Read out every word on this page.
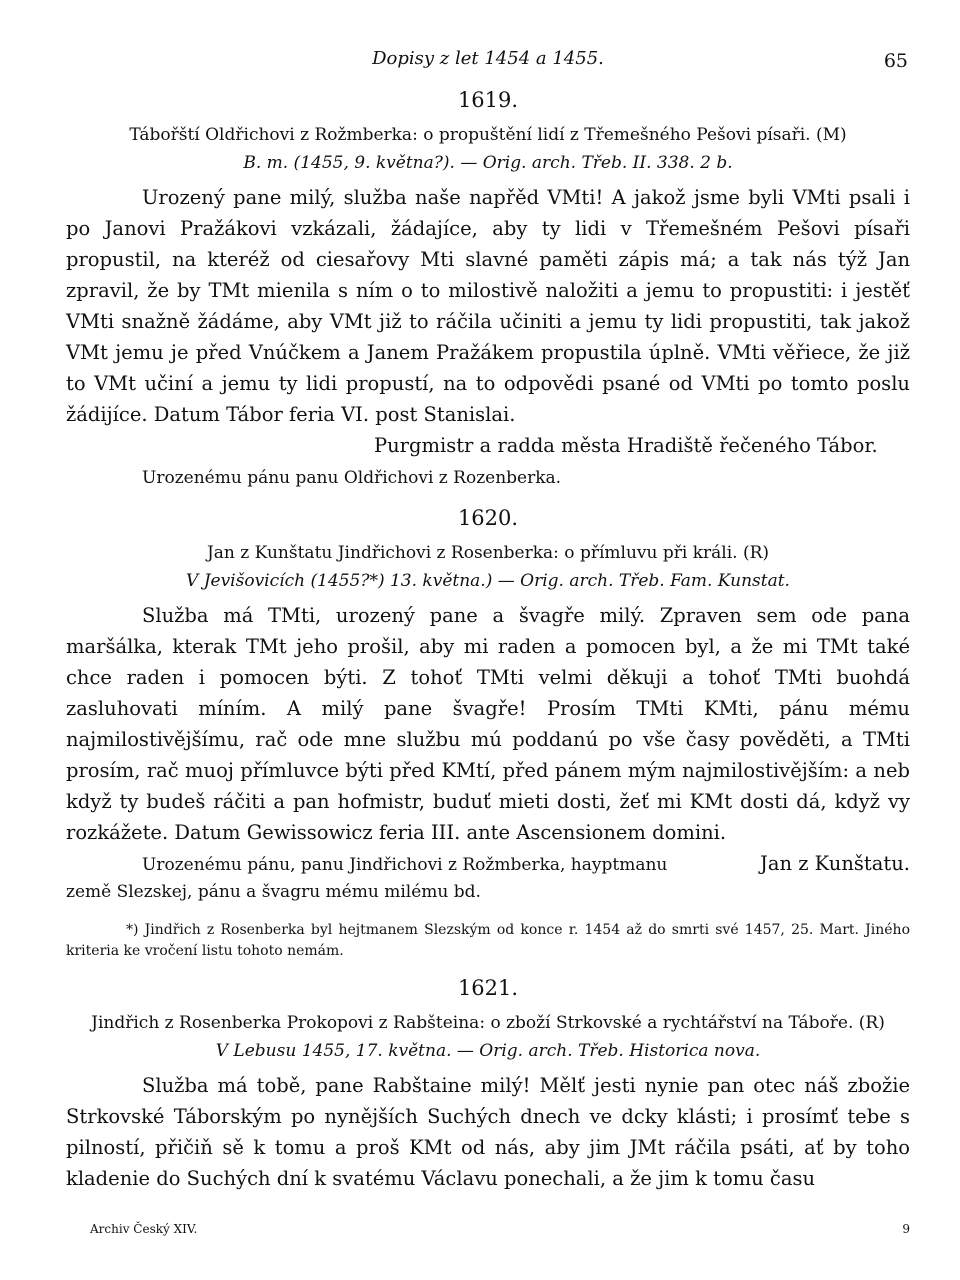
Dopisy z let 1454 a 1455.	65
1619.
Tábořští Oldřichovi z Rožmberka: o propuštění lidí z Třemešného Pešovi písaři. (M)
B. m. (1455, 9. května?). — Orig. arch. Třeb. II. 338. 2 b.

Urozený pane milý, služba naše napřěd VMti! A jakož jsme byli VMti psali i po Janovi Pražákovi vzkázali, žádajíce, aby ty lidi v Třemešném Pešovi písaři propustil, na kteréž od ciesařovy Mti slavné paměti zápis má; a tak nás týž Jan zpravil, že by TMt mienila s ním o to milostivě naložiti a jemu to propustiti: i jestěť VMti snažně žádáme, aby VMt již to ráčila učiniti a jemu ty lidi propustiti, tak jakož VMt jemu je před Vnúčkem a Janem Pražákem propustila úplně. VMti věřiece, že již to VMt učiní a jemu ty lidi propustí, na to odpovědi psané od VMti po tomto poslu žádijíce. Datum Tábor feria VI. post Stanislai.

Purgmistr a radda města Hradiště řečeného Tábor.
Urozenému pánu panu Oldřichovi z Rozenberka.
1620.
Jan z Kunštatu Jindřichovi z Rosenberka: o přímluvu při králi. (R)
V Jevišovicích (1455?*) 13. května.) — Orig. arch. Třeb. Fam. Kunstat.

Služba má TMti, urozený pane a švagře milý. Zpraven sem ode pana maršálka, kterak TMt jeho prošil, aby mi raden a pomocen byl, a že mi TMt také chce raden i pomocen býti. Z tohoť TMti velmi děkuji a tohoť TMti buohdá zasluhovati míním. A milý pane švagře! Prosím TMti KMti, pánu mému najmilostivějšímu, rač ode mne službu mú poddanú po vše časy pověděti, a TMti prosím, rač muoj přímluvce býti před KMtí, před pánem mým najmilostivějším: a neb když ty budeš ráčiti a pan hofmistr, buduť mieti dosti, žeť mi KMt dosti dá, když vy rozkážete. Datum Gewissowicz feria III. ante Ascensionem domini.
Jan z Kunštatu.

Urozenému pánu, panu Jindřichovi z Rožmberka, hayptmanu země Slezskej, pánu a švagru mému milému bd.
*) Jindřich z Rosenberka byl hejtmanem Slezským od konce r. 1454 až do smrti své 1457, 25. Mart. Jiného kriteria ke vročení listu tohoto nemám.
1621.
Jindřich z Rosenberka Prokopovi z Rabšteina: o zboží Strkovské a rychtářství na Táboře. (R)
V Lebusu 1455, 17. května. — Orig. arch. Třeb. Historica nova.

Služba má tobě, pane Rabštaine milý! Mělť jesti nynie pan otec náš zbožie Strkovské Táborským po nynějších Suchých dnech ve dcky klásti; i prosímť tebe s pilností, přičiň sě k tomu a proš KMt od nás, aby jim JMt ráčila psáti, ať by toho kladenie do Suchých dní k svatému Václavu ponechali, a že jim k tomu času

Archiv Český XIV.	9
